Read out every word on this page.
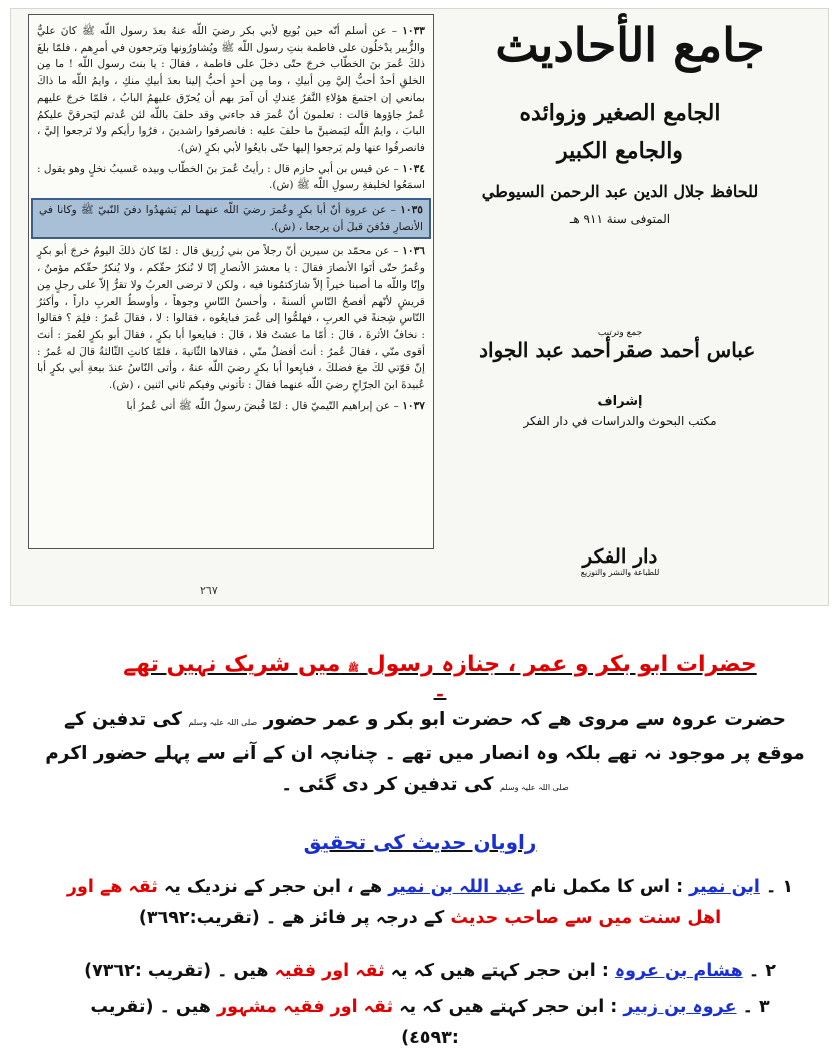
١٠٣٣ – عن أسلم أنّه حين بُويع لأبي بكر رضيَ اللّه عنهُ بعدَ رسول اللّه ﷺ كانَ عليٌّ والزُّبير يدْخلُون على فاطمة بنتِ رسول اللّه ﷺ ويُشاورُونها ويَرجعون في أمرِهم ، فلمّا بلغَ ذلكَ عُمرَ بنَ الخطّاب خرجَ حتّى دخلَ على فاطمة ، فقالَ : يا بنتَ رسول اللّه ! ما مِن الخلقِ أحدٌ أحبُّ إليَّ مِن أبيكِ ، وما مِن أحدٍ أحبُّ إلينا بعدَ أبيكِ منكِ ، وايمُ اللّه ما ذاكَ بمانعي إن اجتمعَ هؤلاءِ النَّفرُ عِندكِ أن آمرَ بهم أن يُحرّق عليهمُ البابُ ، فلمّا خرجَ عليهم عُمرُ جاؤوها قالت : تعلمونَ أنّ عُمرَ قد جاءني وقد حلفَ باللّه لئن عُدتم ليَحرقنَّ عليكمُ البابَ ، وايمُ اللّه ليَمضينَّ ما حلفَ عليه : فانصرفوا راشدينَ ، فرُوا رأيكم ولا تَرجعوا إليَّ ، فانصرفُوا عنها ولم يَرجعوا إليها حتّى بايعُوا لأبي بكرٍ (ش).

١٠٣٤ – عن قيس بن أبي حازم قال : رأيتُ عُمرَ بنَ الخطّاب وبيده عَسيبُ نخلٍ وهو يقول : اسمَعُوا لخليفةِ رسولِ اللّه ﷺ (ش).

١٠٣٥ – عن عروة أنّ أبا بكرٍ وعُمرَ رضيَ اللّه عنهما لم يَشهدُوا دفنَ النّبيّ ﷺ وكانا في الأنصارِ فدُفنَ قبلَ أن يرجعا ، (ش).

١٠٣٦ – عن محمّد بن سيرين أنّ رجلاً من بني زُريق قال : لمّا كانَ ذلكَ اليومُ خرجَ أبو بكرٍ وعُمرُ حتّى أتَوا الأنصارَ فقالَ : يا معشرَ الأنصارِ إنّا لا نُنكرُ حقّكم ، ولا يُنكرُ حقّكم مؤمنٌ ، وإنّا واللّه ما أصبنا خيراً إلاّ شارَكتمُونا فيه ، ولكن لا ترضى العربُ ولا تقرُّ إلاّ على رجلٍ مِن قريشٍ لأنّهم أفصحُ النّاسِ ألسنةً ، وأحسنُ النّاسِ وجوهاً ، وأوسطُ العربِ داراً ، وأكثرُ النّاسِ شِجنةً في العربِ ، فهلمُّوا إلى عُمرَ فبايعُوه ، فقالوا : لا ، فقالَ عُمرُ : فلِمَ ؟ فقالوا : نخافُ الأثرةَ ، قالَ : أمّا ما عشتُ فلا ، قالَ : فبايعوا أبا بكرٍ ، فقالَ أبو بكرٍ لعُمرَ : أنتَ أقوى منّي ، فقالَ عُمرُ : أنتَ أفضلُ منّي ، فقالاها الثّانيةَ ، فلمّا كانتِ الثّالثةُ قالَ له عُمرُ : إنّ قوّتي لكَ معَ فضلكَ ، فبايِعوا أبا بكرٍ رضيَ اللّه عنهُ ، وأتى النّاسُ عندَ بيعةِ أبي بكرٍ أبا عُبيدةَ ابنَ الجرّاحِ رضيَ اللّه عنهما فقالَ : تأتوني وفيكم ثاني اثنين ، (ش).

١٠٣٧ – عن إبراهيم التّيميّ قال : لمّا قُبضَ رسولُ اللّه ﷺ أتى عُمرُ أبا

٢٦٧
جامع الأحاديث
الجامع الصغير وزوائده
والجامع الكبير
للحافظ جلال الدين عبد الرحمن السيوطي
المتوفى سنة ٩١١ هـ
جمع وترتيب
عباس أحمد صقر
أحمد عبد الجواد
إشراف
مكتب البحوث والدراسات في دار الفكر
دار الفكر
للطباعة والنشر والتوزيع
حضرات ابو بکر و عمر ، جنازہ رسول ﷺ میں شریک نہیں تھے ۔
حضرت عروہ سے مروی ھے کہ حضرت ابو بکر و عمر حضور صلی اللہ علیہ وسلم کی تدفین کے موقع پر موجود نہ تھے بلکہ وہ انصار میں تھے ۔ چنانچہ ان کے آنے سے پہلے حضور اکرم صلی اللہ علیہ وسلم کی تدفین کر دی گئی ۔
راویان حدیث کی تحقیق
١ ۔ ابن نمیر : اس کا مکمل نام عبد اللہ بن نمیر ھے ، ابن حجر کے نزدیک یہ ثقہ ھے اور اھل سنت میں سے صاحب حدیث کے درجہ پر فائز ھے ۔ (تقریب:٣٦٩٢)
٢ ۔ ھشام بن عروہ : ابن حجر کہتے ھیں کہ یہ ثقہ اور فقیہ ھیں ۔ (تقریب :٧٣٦٢)
٣ ۔ عروہ بن زبیر : ابن حجر کہتے ھیں کہ یہ ثقہ اور فقیہ مشہور ھیں ۔ (تقریب :٤٥٩٣)
